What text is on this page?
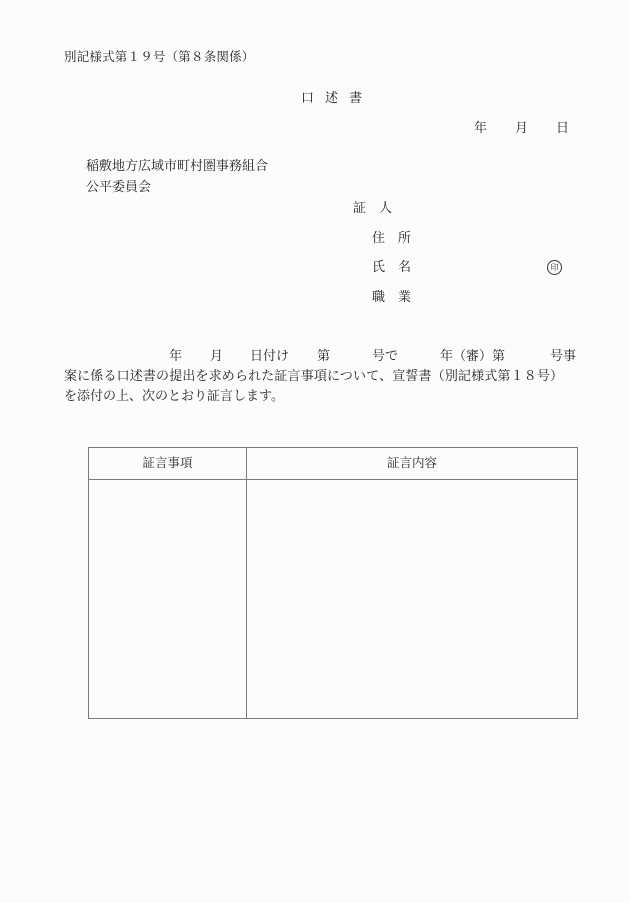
別記様式第１９号（第８条関係）
口 述 書
年 月 日
稲敷地方広域市町村圏事務組合
公平委員会
証 人
住 所
氏 名	印
職 業
年 月 日付け 第	号で	年（審）第	号事
案に係る口述書の提出を求められた証言事項について、宣誓書（別記様式第１８号）
を添付の上、次のとおり証言します。
証言事項	証言内容
